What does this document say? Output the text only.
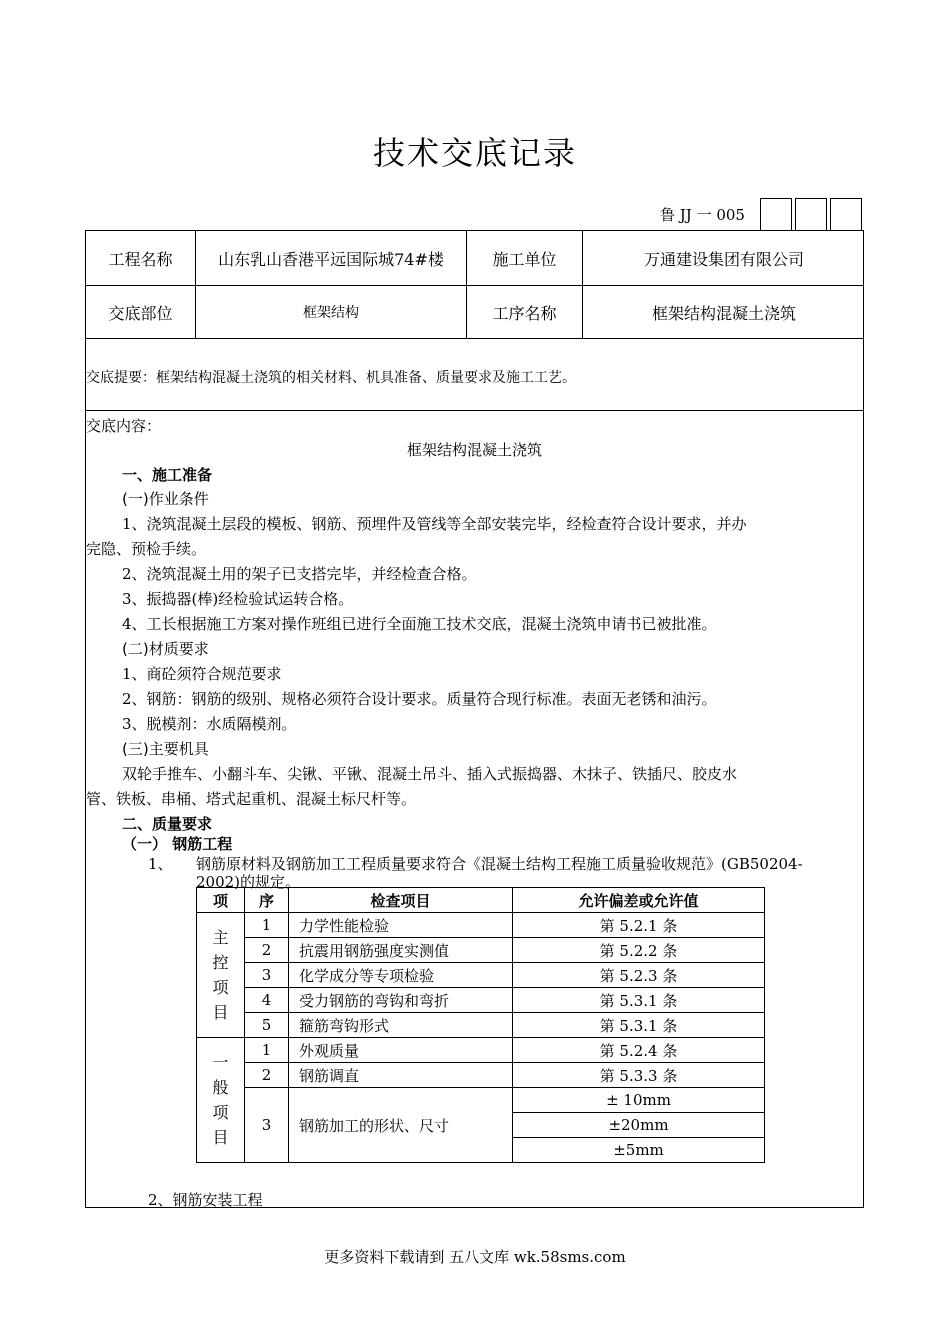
技术交底记录
鲁 JJ 一 005
工程名称	山东乳山香港平远国际城74#楼	施工单位	万通建设集团有限公司
交底部位	框架结构	工序名称	框架结构混凝土浇筑
交底提要：框架结构混凝土浇筑的相关材料、机具准备、质量要求及施工工艺。
交底内容：
框架结构混凝土浇筑
一、施工准备
(一)作业条件
1、浇筑混凝土层段的模板、钢筋、预埋件及管线等全部安装完毕，经检查符合设计要求，并办
完隐、预检手续。
2、浇筑混凝土用的架子已支搭完毕，并经检查合格。
3、振捣器(棒)经检验试运转合格。
4、工长根据施工方案对操作班组已进行全面施工技术交底，混凝土浇筑申请书已被批准。
(二)材质要求
1、商砼须符合规范要求
2、钢筋：钢筋的级别、规格必须符合设计要求。质量符合现行标准。表面无老锈和油污。
3、脱模剂：水质隔模剂。
(三)主要机具
双轮手推车、小翻斗车、尖锹、平锹、混凝土吊斗、插入式振捣器、木抹子、铁插尺、胶皮水
管、铁板、串桶、塔式起重机、混凝土标尺杆等。
二、质量要求
（一） 钢筋工程
1、 钢筋原材料及钢筋加工工程质量要求符合《混凝土结构工程施工质量验收规范》(GB50204-
2002)的规定。
项	序	检查项目	允许偏差或允许值

主
控
项
目	1	力学性能检验	第 5.2.1 条
	2	抗震用钢筋强度实测值	第 5.2.2 条
	3	化学成分等专项检验	第 5.2.3 条
	4	受力钢筋的弯钩和弯折	第 5.3.1 条
	5	箍筋弯钩形式	第 5.3.1 条

一
般
项
目	1	外观质量	第 5.2.4 条
	2	钢筋调直	第 5.3.3 条
	3	钢筋加工的形状、尺寸	± 10mm
			±20mm
			±5mm
2、钢筋安装工程
更多资料下载请到 五八文库 wk.58sms.com
